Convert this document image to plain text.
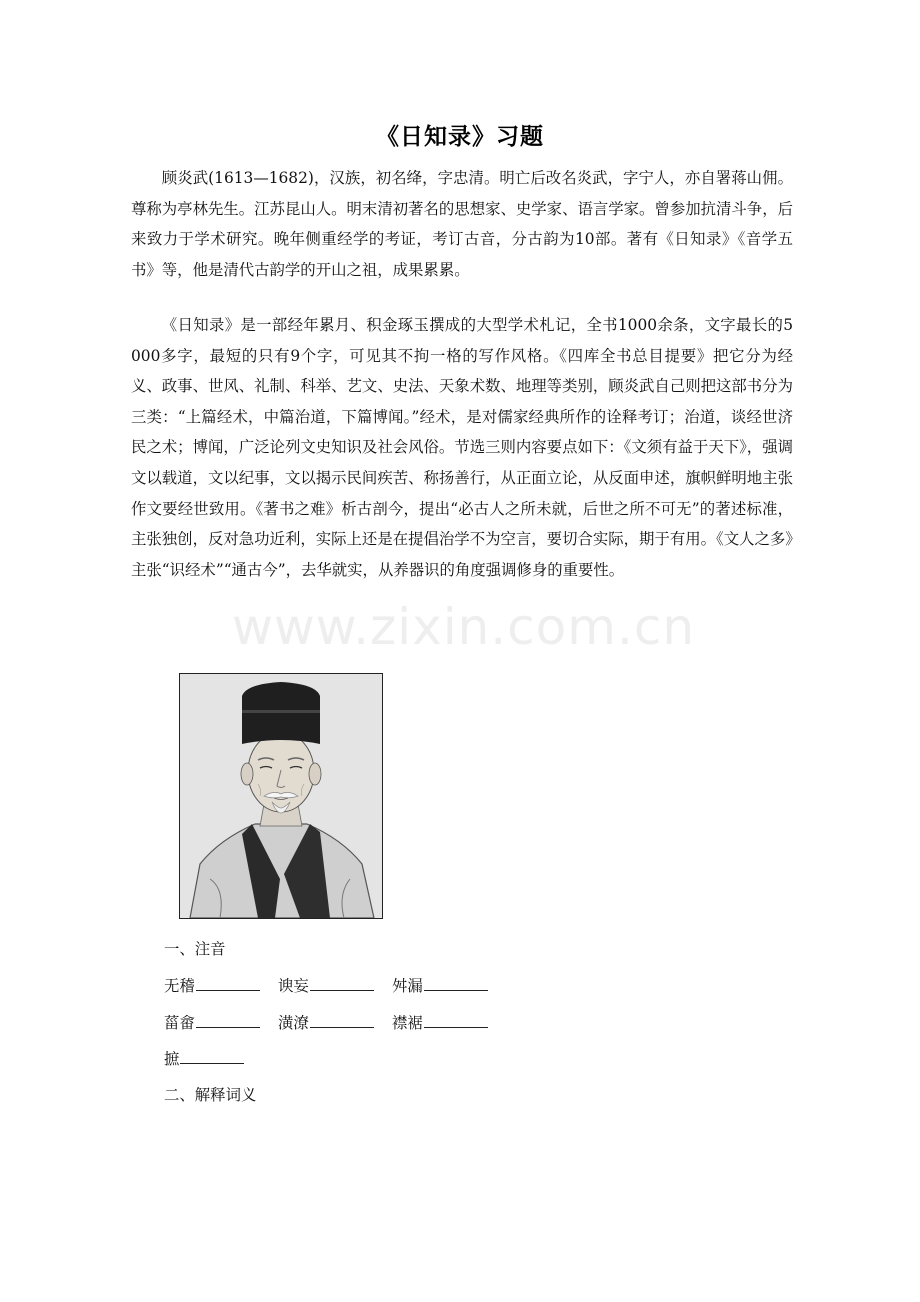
《日知录》习题

顾炎武(1613—1682)，汉族，初名绛，字忠清。明亡后改名炎武，字宁人，亦自署蒋山佣。尊称为亭林先生。江苏昆山人。明末清初著名的思想家、史学家、语言学家。曾参加抗清斗争，后来致力于学术研究。晚年侧重经学的考证，考订古音，分古韵为10部。著有《日知录》《音学五书》等，他是清代古韵学的开山之祖，成果累累。

《日知录》是一部经年累月、积金琢玉撰成的大型学术札记，全书1000余条，文字最长的5 000多字，最短的只有9个字，可见其不拘一格的写作风格。《四库全书总目提要》把它分为经义、政事、世风、礼制、科举、艺文、史法、天象术数、地理等类别，顾炎武自己则把这部书分为三类：“上篇经术，中篇治道，下篇博闻。”经术，是对儒家经典所作的诠释考订；治道，谈经世济民之术；博闻，广泛论列文史知识及社会风俗。节选三则内容要点如下：《文须有益于天下》，强调文以载道，文以纪事，文以揭示民间疾苦、称扬善行，从正面立论，从反面申述，旗帜鲜明地主张作文要经世致用。《著书之难》析古剖今，提出“必古人之所未就，后世之所不可无”的著述标准，主张独创，反对急功近利，实际上还是在提倡治学不为空言，要切合实际，期于有用。《文人之多》主张“识经术”“通古今”，去华就实，从养器识的角度强调修身的重要性。

www.zixin.com.cn
一、注音
无稽	谀妄	舛漏
菑畲	潢潦	襟裾
摭
二、解释词义
